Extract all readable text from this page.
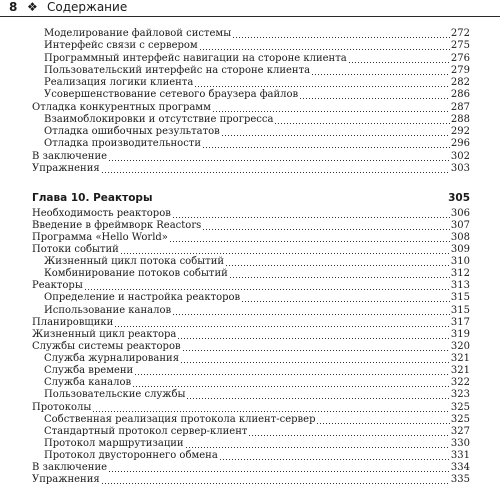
8 ❖ Содержание
Моделирование файловой системы	272
Интерфейс связи с сервером	275
Программный интерфейс навигации на стороне клиента	276
Пользовательский интерфейс на стороне клиента	279
Реализация логики клиента	282
Усовершенствование сетевого браузера файлов	286
Отладка конкурентных программ	287
Взаимоблокировки и отсутствие прогресса	288
Отладка ошибочных результатов	292
Отладка производительности	296
В заключение	302
Упражнения	303
Глава 10. Реакторы	305
Необходимость реакторов	306
Введение в фреймворк Reactors	307
Программа «Hello World»	308
Потоки событий	309
Жизненный цикл потока событий	310
Комбинирование потоков событий	312
Реакторы	313
Определение и настройка реакторов	315
Использование каналов	315
Планировщики	317
Жизненный цикл реактора	319
Службы системы реакторов	320
Служба журналирования	321
Служба времени	321
Служба каналов	322
Пользовательские службы	323
Протоколы	325
Собственная реализация протокола клиент-сервер	325
Стандартный протокол сервер-клиент	327
Протокол маршрутизации	330
Протокол двустороннего обмена	331
В заключение	334
Упражнения	335
